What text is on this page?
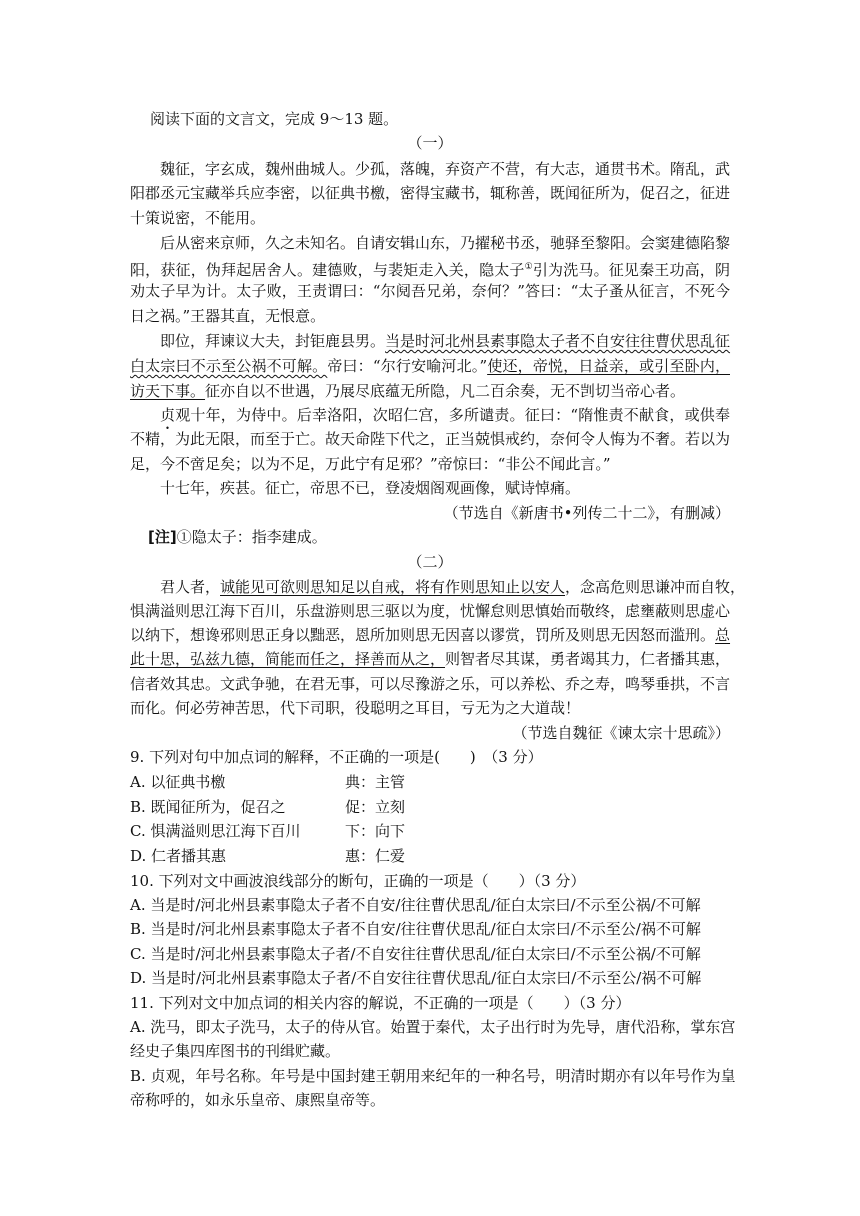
阅读下面的文言文，完成 9～13 题。
（一）
魏征，字玄成，魏州曲城人。少孤，落魄，弃资产不营，有大志，通贯书术。隋乱，武
阳郡丞元宝藏举兵应李密，以征典书檄，密得宝藏书，辄称善，既闻征所为，促召之，征进
十策说密，不能用。
后从密来京师，久之未知名。自请安辑山东，乃擢秘书丞，驰驿至黎阳。会窦建德陷黎
阳，获征，伪拜起居舍人。建德败，与裴矩走入关，隐太子①引为洗马。征见秦王功高，阴
劝太子早为计。太子败，王责谓曰：“尔阋吾兄弟，奈何？”答曰：“太子蚤从征言，不死今
日之祸。”王器其直，无恨意。
即位，拜谏议大夫，封钜鹿县男。当是时河北州县素事隐太子者不自安往往曹伏思乱征
白太宗曰不示至公祸不可解。帝曰：“尔行安喻河北。”使还，帝悦，日益亲，或引至卧内，
访天下事。征亦自以不世遇，乃展尽底蕴无所隐，凡二百余奏，无不剀切当帝心者。
贞观十年，为侍中。后幸洛阳，次昭仁宫，多所谴责。征曰：“隋惟责不献食，或供奉
不精，为此无限，而至于亡。故天命陛下代之，正当兢惧戒约，奈何令人悔为不奢。若以为
足，今不啻足矣；以为不足，万此宁有足邪？”帝惊曰：“非公不闻此言。”
十七年，疾甚。征亡，帝思不已，登凌烟阁观画像，赋诗悼痛。
（节选自《新唐书•列传二十二》，有删减）
[注]①隐太子：指李建成。
（二）
君人者，诚能见可欲则思知足以自戒，将有作则思知止以安人，念高危则思谦冲而自牧，
惧满溢则思江海下百川，乐盘游则思三驱以为度，忧懈怠则思慎始而敬终，虑壅蔽则思虚心
以纳下，想谗邪则思正身以黜恶，恩所加则思无因喜以谬赏，罚所及则思无因怒而滥刑。总
此十思，弘兹九德，简能而任之，择善而从之，则智者尽其谋，勇者竭其力，仁者播其惠，
信者效其忠。文武争驰，在君无事，可以尽豫游之乐，可以养松、乔之寿，鸣琴垂拱，不言
而化。何必劳神苦思，代下司职，役聪明之耳目，亏无为之大道哉！
（节选自魏征《谏太宗十思疏》）
9. 下列对句中加点词的解释，不正确的一项是(　　)　（3 分）
A. 以征典书檄	典：主管
B. 既闻征所为，促召之	促：立刻
C. 惧满溢则思江海下百川	下：向下
D. 仁者播其惠	惠：仁爱
10. 下列对文中画波浪线部分的断句，正确的一项是（　　）（3 分）
A. 当是时/河北州县素事隐太子者不自安/往往曹伏思乱/征白太宗曰/不示至公祸/不可解
B. 当是时/河北州县素事隐太子者不自安/往往曹伏思乱/征白太宗曰/不示至公/祸不可解
C. 当是时/河北州县素事隐太子者/不自安往往曹伏思乱/征白太宗曰/不示至公祸/不可解
D. 当是时/河北州县素事隐太子者/不自安往往曹伏思乱/征白太宗曰/不示至公/祸不可解
11. 下列对文中加点词的相关内容的解说，不正确的一项是（　　）（3 分）
A. 洗马，即太子洗马，太子的侍从官。始置于秦代，太子出行时为先导，唐代沿称，掌东宫
经史子集四库图书的刊缉贮藏。
B. 贞观，年号名称。年号是中国封建王朝用来纪年的一种名号，明清时期亦有以年号作为皇
帝称呼的，如永乐皇帝、康熙皇帝等。
